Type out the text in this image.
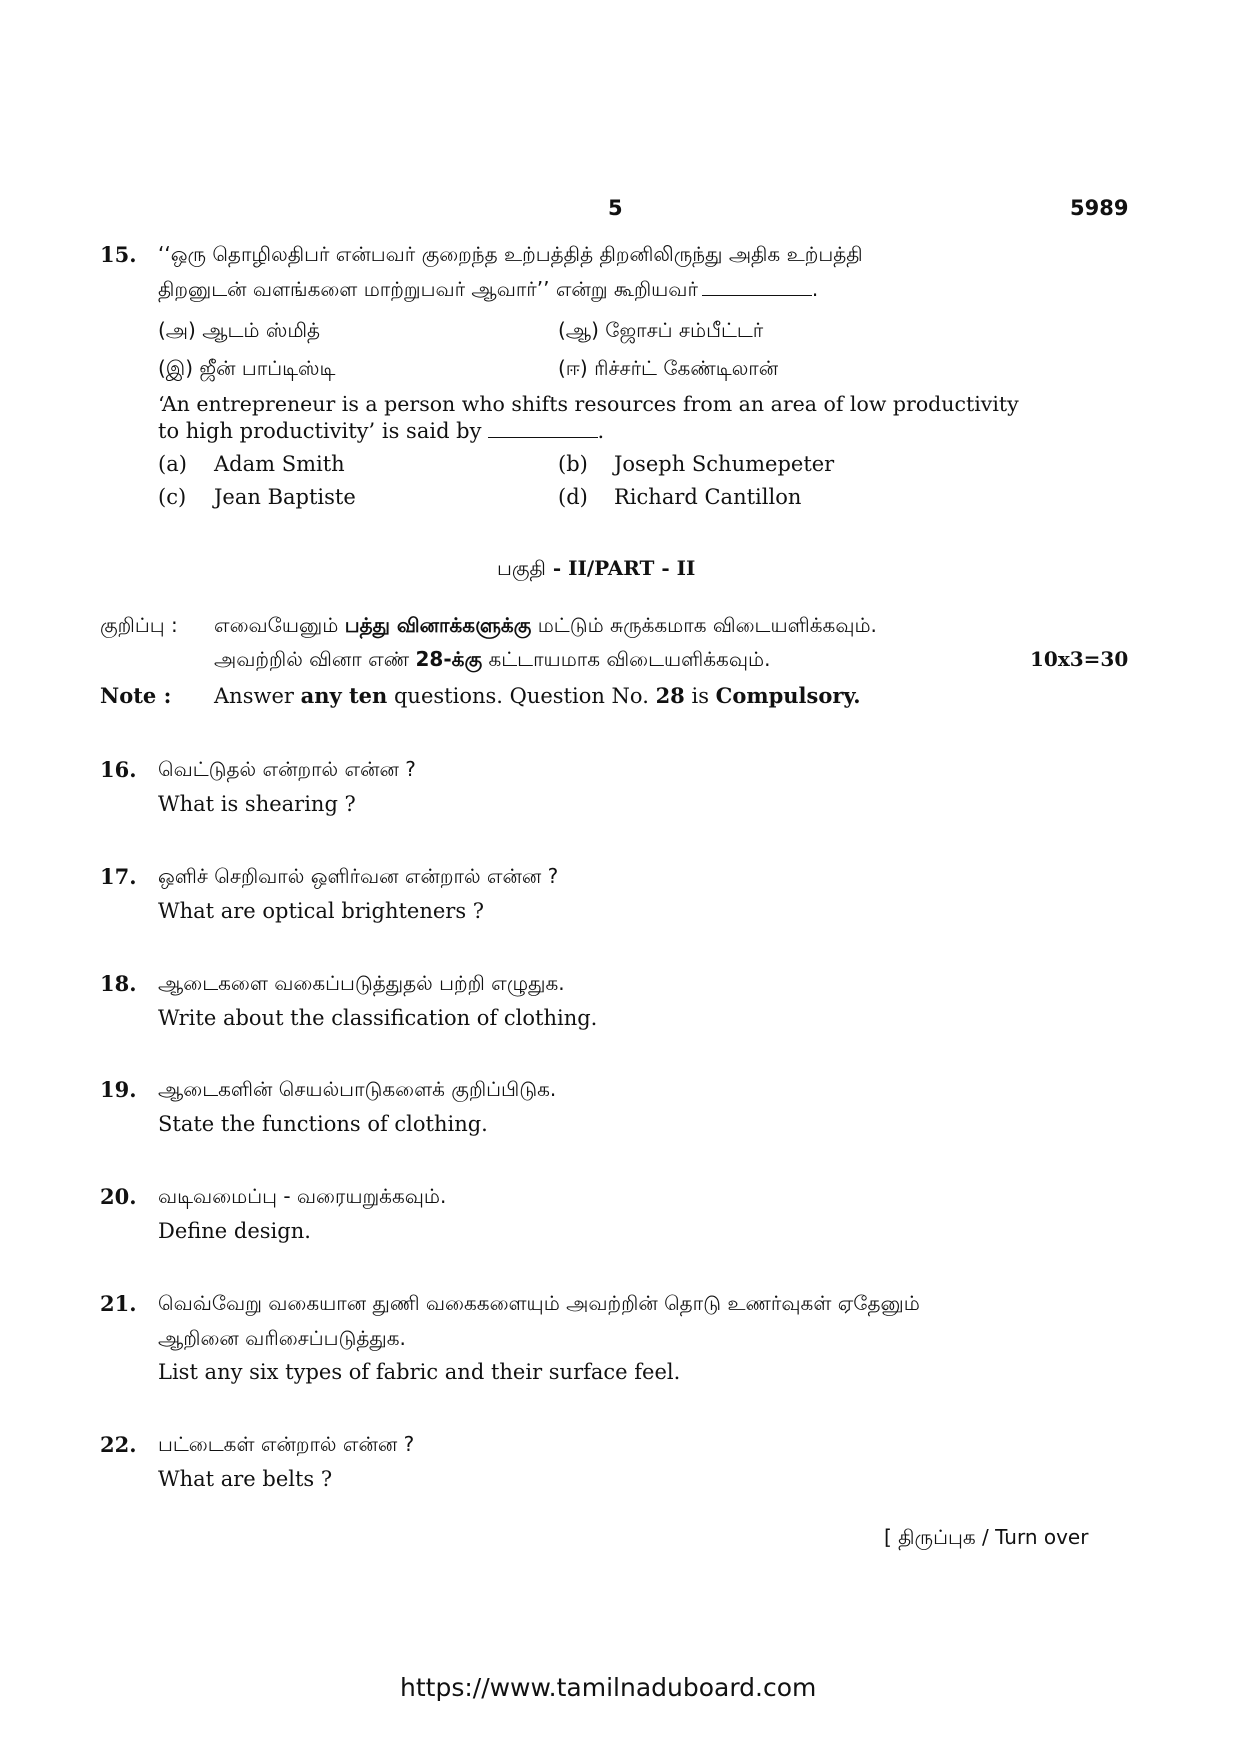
5	5989
15. ‘‘ஒரு தொழிலதிபர் என்பவர் குறைந்த உற்பத்தித் திறனிலிருந்து அதிக உற்பத்தி
திறனுடன் வளங்களை மாற்றுபவர் ஆவார்’’ என்று கூறியவர்	.
(அ) ஆடம் ஸ்மித்	(ஆ) ஜோசப் சம்பீட்டர்
(இ) ஜீன் பாப்டிஸ்டி	(ஈ) ரிச்சர்ட் கேண்டிலான்
‘An entrepreneur is a person who shifts resources from an area of low productivity
to high productivity’ is said by	.
(a) Adam Smith	(b) Joseph Schumepeter
(c) Jean Baptiste	(d) Richard Cantillon
பகுதி - II/PART - II
குறிப்பு : எவையேனும் பத்து வினாக்களுக்கு மட்டும் சுருக்கமாக விடையளிக்கவும்.
அவற்றில் வினா எண் 28-க்கு கட்டாயமாக விடையளிக்கவும்.	10x3=30
Note : Answer any ten questions. Question No. 28 is Compulsory.
16. வெட்டுதல் என்றால் என்ன ?
What is shearing ?
17. ஒளிச் செறிவால் ஒளிர்வன என்றால் என்ன ?
What are optical brighteners ?
18. ஆடைகளை வகைப்படுத்துதல் பற்றி எழுதுக.
Write about the classification of clothing.
19. ஆடைகளின் செயல்பாடுகளைக் குறிப்பிடுக.
State the functions of clothing.
20. வடிவமைப்பு - வரையறுக்கவும்.
Define design.
21. வெவ்வேறு வகையான துணி வகைகளையும் அவற்றின் தொடு உணர்வுகள் ஏதேனும்
ஆறினை வரிசைப்படுத்துக.
List any six types of fabric and their surface feel.
22. பட்டைகள் என்றால் என்ன ?
What are belts ?
[ திருப்புக / Turn over
https://www.tamilnaduboard.com
